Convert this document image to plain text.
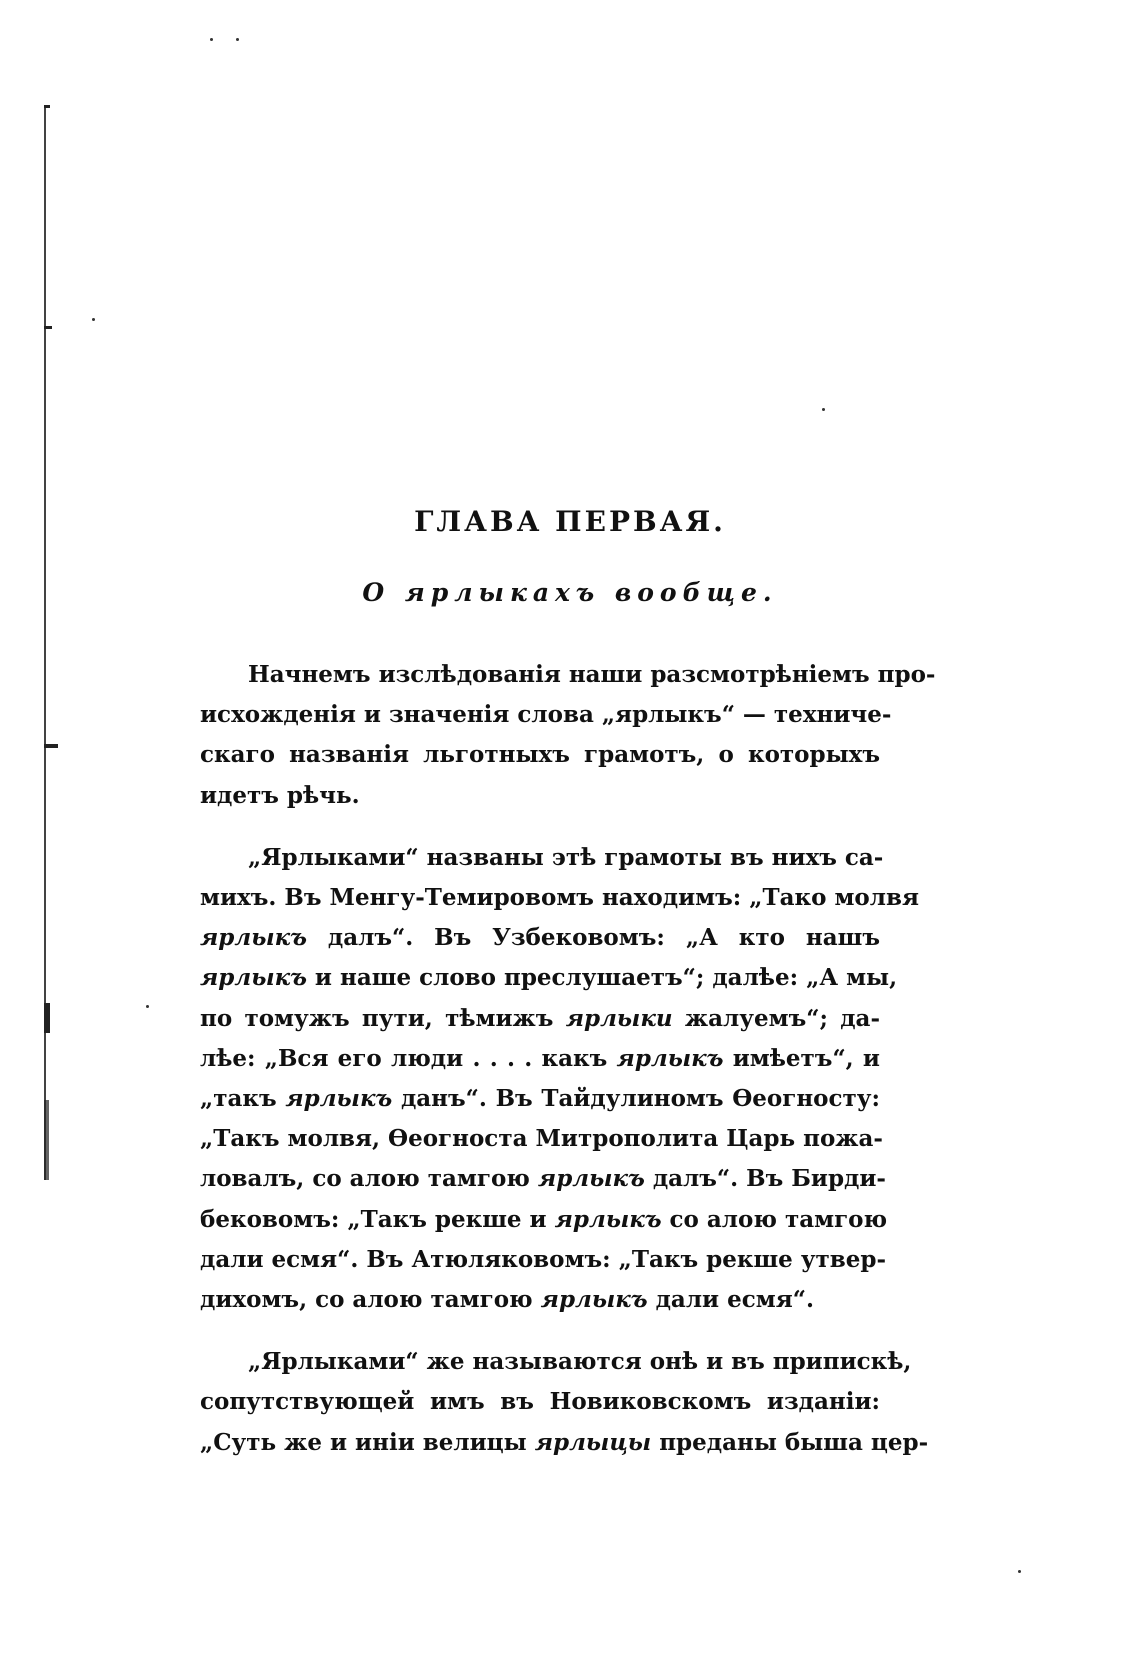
ГЛАВА ПЕРВАЯ.
О ярлыкахъ вообще.
Начнемъ изслѣдованія наши разсмотрѣніемъ про-
исхожденія и значенія слова „ярлыкъ“ — техниче-
скаго названія льготныхъ грамотъ, о которыхъ
идетъ рѣчь.
„Ярлыками“ названы этѣ грамоты въ нихъ са-
михъ. Въ Менгу-Темировомъ находимъ: „Тако молвя
ярлыкъ далъ“. Въ Узбековомъ: „А кто нашъ
ярлыкъ и наше слово преслушаетъ“; далѣе: „А мы,
по томужъ пути, тѣмижъ ярлыки жалуемъ“; да-
лѣе: „Вся его люди . . . . какъ ярлыкъ имѣетъ“, и
„такъ ярлыкъ данъ“. Въ Тайдулиномъ Ѳеогносту:
„Такъ молвя, Ѳеогноста Митрополита Царь пожа-
ловалъ, со алою тамгою ярлыкъ далъ“. Въ Бирди-
бековомъ: „Такъ рекше и ярлыкъ со алою тамгою
дали есмя“. Въ Атюляковомъ: „Такъ рекше утвер-
дихомъ, со алою тамгою ярлыкъ дали есмя“.
„Ярлыками“ же называются онѣ и въ припискѣ,
сопутствующей имъ въ Новиковскомъ изданіи:
„Суть же и иніи велицы ярлыцы преданы быша цер-
